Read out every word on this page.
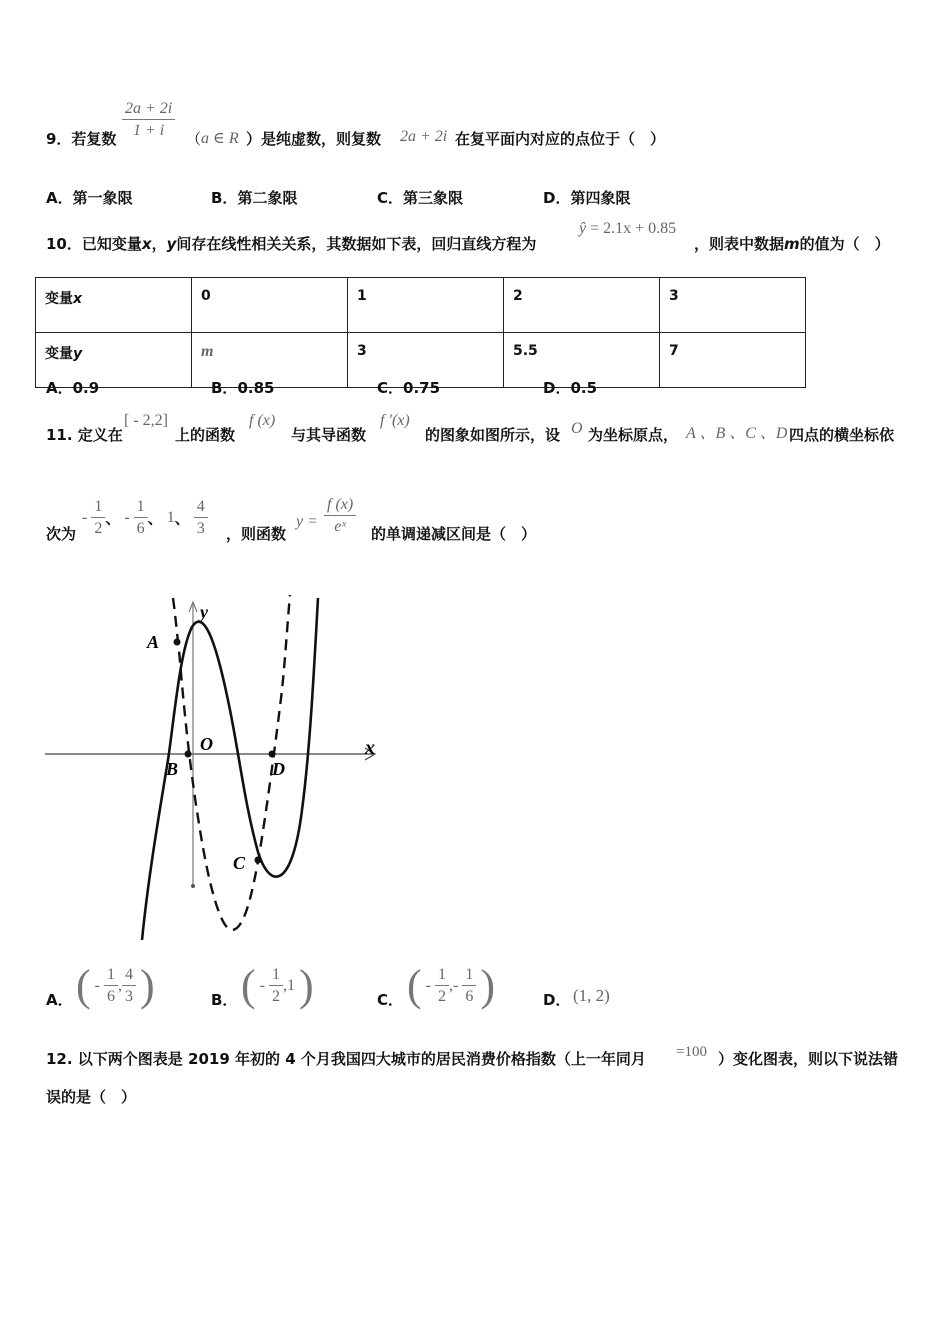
9．若复数 $\frac{2a + 2i}{1 + i}$ （ a ∈ R ）是纯虚数，则复数 2a + 2i 在复平面内对应的点位于（　）
A．第一象限	B．第二象限	C．第三象限	D．第四象限
10．已知变量x，y间存在线性相关关系，其数据如下表，回归直线方程为
ŷ = 2.1x + 0.85
，则表中数据m的值为（　）
变量x	0	1	2	3
变量y	m	3	5.5	7
A．0.9	B．0.85	C．0.75	D．0.5
11. 定义在
[ - 2,2]
上的函数
f (x)
与其导函数
f ′(x)
的图象如图所示，设 O 为坐标原点， A 、B 、C 、D 四点的横坐标依
次为
- $\frac{1}{2}$ 、 - $\frac{1}{6}$ 、 1、 $\frac{4}{3}$ ，则函数
$y = \frac{f (x)}{\text{eˣ}}$ 的单调递减区间是（　）
y
x
O
A
B	D
C
A． ( - $\frac{1}{6}$ , $\frac{4}{3}$ )	B． ( - $\frac{1}{2} ,1$ )	C． ( - $\frac{1}{2}$ ,- $\frac{1}{6}$ )	D． (1, 2)
12. 以下两个图表是 2019 年初的 4 个月我国四大城市的居民消费价格指数（上一年同月 =100 ）变化图表，则以下说法错
误的是（　）
